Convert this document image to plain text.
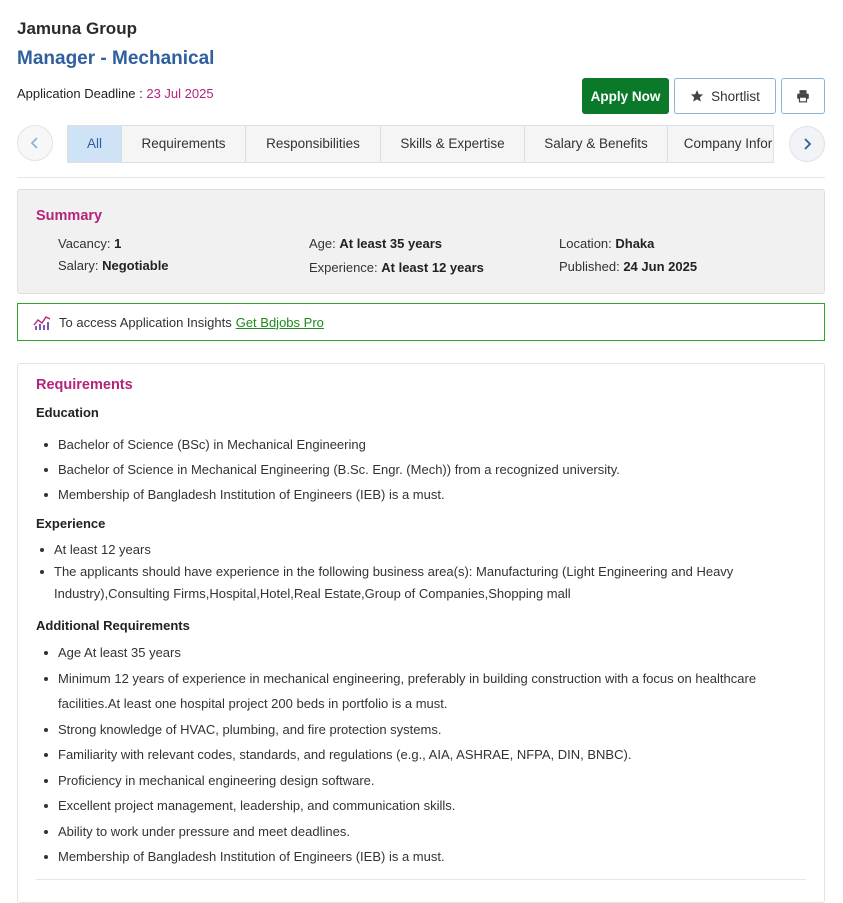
Jamuna Group
Manager - Mechanical
Application Deadline : 23 Jul 2025	Apply Now	Shortlist
All	Requirements	Responsibilities	Skills & Expertise	Salary & Benefits	Company Infor
Summary
Vacancy: 1	Age: At least 35 years	Location: Dhaka
Salary: Negotiable	Experience: At least 12 years	Published: 24 Jun 2025
To access Application Insights Get Bdjobs Pro
Requirements
Education
Bachelor of Science (BSc) in Mechanical Engineering
Bachelor of Science in Mechanical Engineering (B.Sc. Engr. (Mech)) from a recognized university.
Membership of Bangladesh Institution of Engineers (IEB) is a must.
Experience
At least 12 years
The applicants should have experience in the following business area(s): Manufacturing (Light Engineering and Heavy Industry),Consulting Firms,Hospital,Hotel,Real Estate,Group of Companies,Shopping mall
Additional Requirements
Age At least 35 years
Minimum 12 years of experience in mechanical engineering, preferably in building construction with a focus on healthcare facilities.At least one hospital project 200 beds in portfolio is a must.
Strong knowledge of HVAC, plumbing, and fire protection systems.
Familiarity with relevant codes, standards, and regulations (e.g., AIA, ASHRAE, NFPA, DIN, BNBC).
Proficiency in mechanical engineering design software.
Excellent project management, leadership, and communication skills.
Ability to work under pressure and meet deadlines.
Membership of Bangladesh Institution of Engineers (IEB) is a must.
